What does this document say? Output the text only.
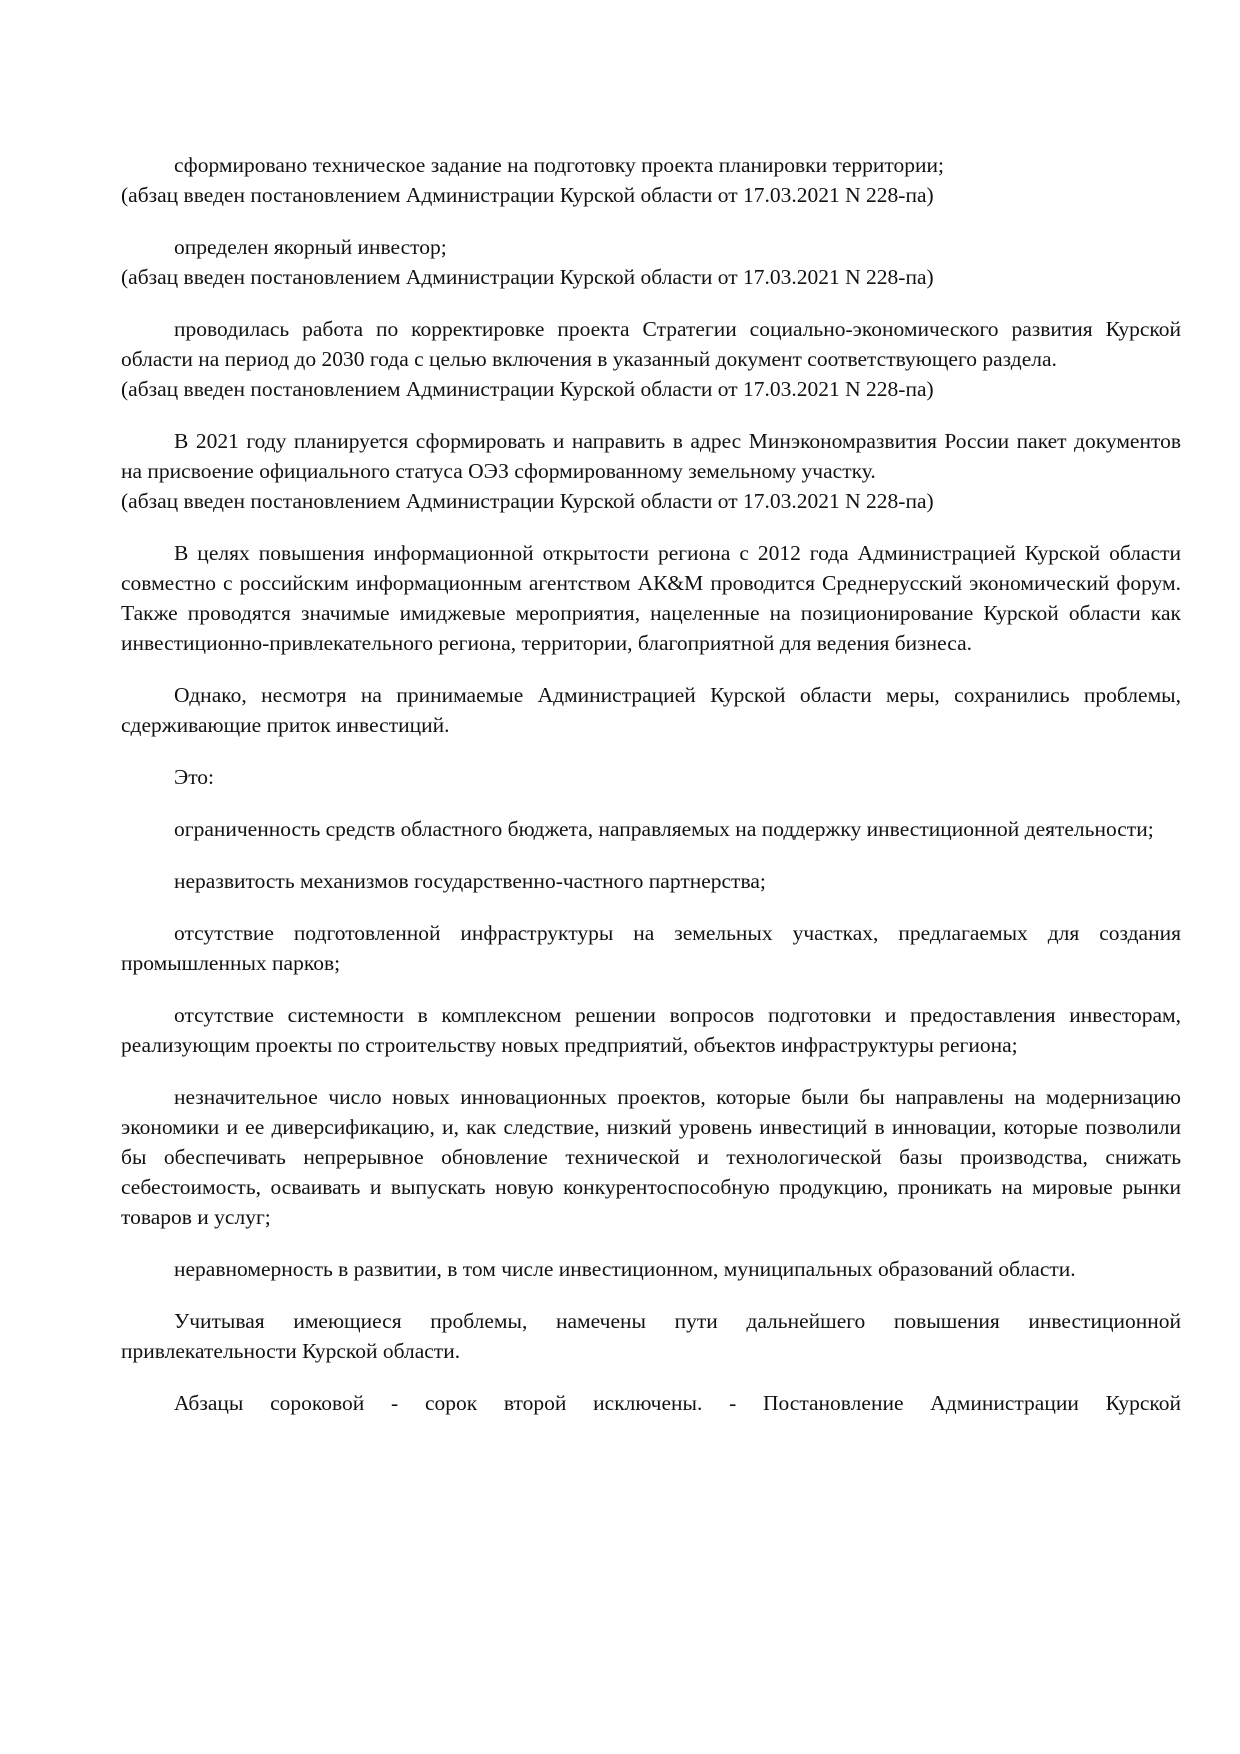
сформировано техническое задание на подготовку проекта планировки территории;

(абзац введен постановлением Администрации Курской области от 17.03.2021 N 228-па)

определен якорный инвестор;

(абзац введен постановлением Администрации Курской области от 17.03.2021 N 228-па)

проводилась работа по корректировке проекта Стратегии социально-экономического развития Курской области на период до 2030 года с целью включения в указанный документ соответствующего раздела.

(абзац введен постановлением Администрации Курской области от 17.03.2021 N 228-па)

В 2021 году планируется сформировать и направить в адрес Минэкономразвития России пакет документов на присвоение официального статуса ОЭЗ сформированному земельному участку.

(абзац введен постановлением Администрации Курской области от 17.03.2021 N 228-па)

В целях повышения информационной открытости региона с 2012 года Администрацией Курской области совместно с российским информационным агентством АК&М проводится Среднерусский экономический форум. Также проводятся значимые имиджевые мероприятия, нацеленные на позиционирование Курской области как инвестиционно-привлекательного региона, территории, благоприятной для ведения бизнеса.

Однако, несмотря на принимаемые Администрацией Курской области меры, сохранились проблемы, сдерживающие приток инвестиций.

Это:

ограниченность средств областного бюджета, направляемых на поддержку инвестиционной деятельности;

неразвитость механизмов государственно-частного партнерства;

отсутствие подготовленной инфраструктуры на земельных участках, предлагаемых для создания промышленных парков;

отсутствие системности в комплексном решении вопросов подготовки и предоставления инвесторам, реализующим проекты по строительству новых предприятий, объектов инфраструктуры региона;

незначительное число новых инновационных проектов, которые были бы направлены на модернизацию экономики и ее диверсификацию, и, как следствие, низкий уровень инвестиций в инновации, которые позволили бы обеспечивать непрерывное обновление технической и технологической базы производства, снижать себестоимость, осваивать и выпускать новую конкурентоспособную продукцию, проникать на мировые рынки товаров и услуг;

неравномерность в развитии, в том числе инвестиционном, муниципальных образований области.

Учитывая имеющиеся проблемы, намечены пути дальнейшего повышения инвестиционной привлекательности Курской области.

Абзацы сороковой - сорок второй исключены. - Постановление Администрации Курской
